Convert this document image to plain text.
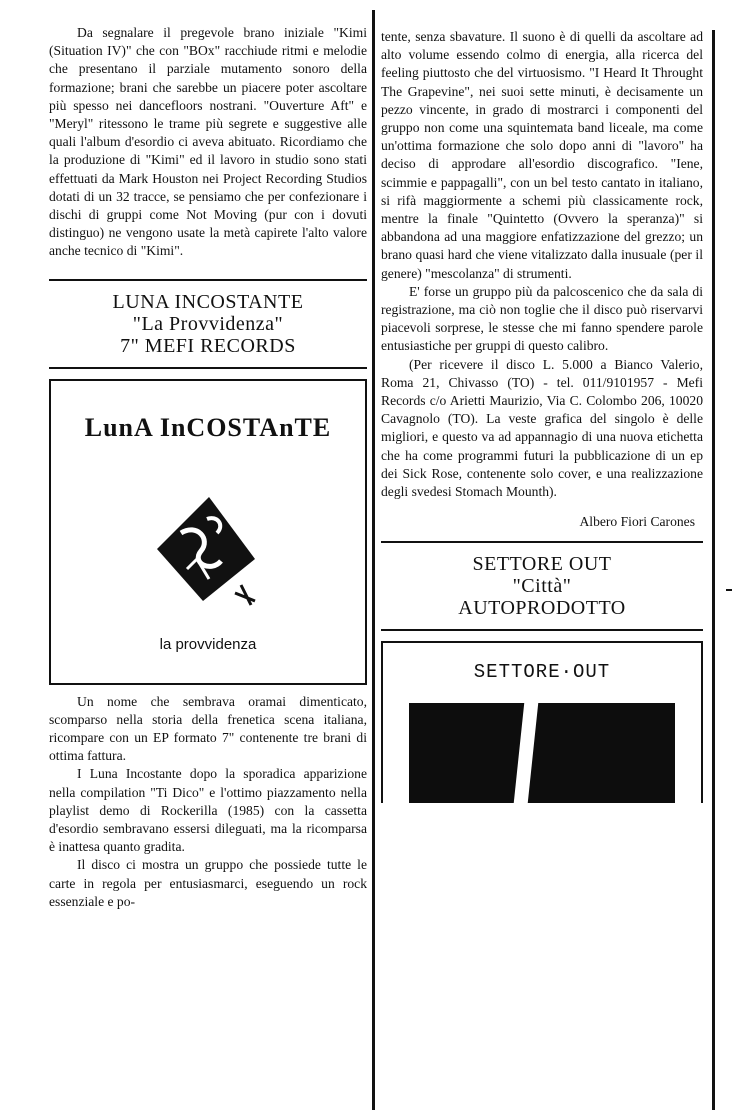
Da segnalare il pregevole brano iniziale "Kimi (Situation IV)" che con "BOx" racchiude ritmi e melodie che presentano il parziale mutamento sonoro della formazione; brani che sarebbe un piacere poter ascoltare più spesso nei dancefloors nostrani. "Ouverture Aft" e "Meryl" ritessono le trame più segrete e suggestive alle quali l'album d'esordio ci aveva abituato. Ricordiamo che la produzione di "Kimi" ed il lavoro in studio sono stati effettuati da Mark Houston nei Project Recording Studios dotati di un 32 tracce, se pensiamo che per confezionare i dischi di gruppi come Not Moving (pur con i dovuti distinguo) ne vengono usate la metà capirete l'alto valore anche tecnico di "Kimi".

LUNA INCOSTANTE
"La Provvidenza"
7" MEFI RECORDS
LunA InCOSTAnTE
la provvidenza

Un nome che sembrava oramai dimenticato, scomparso nella storia della frenetica scena italiana, ricompare con un EP formato 7" contenente tre brani di ottima fattura.

I Luna Incostante dopo la sporadica apparizione nella compilation "Ti Dico" e l'ottimo piazzamento nella playlist demo di Rockerilla (1985) con la cassetta d'esordio sembravano essersi dileguati, ma la ricomparsa è inattesa quanto gradita.

Il disco ci mostra un gruppo che possiede tutte le carte in regola per entusiasmarci, eseguendo un rock essenziale e po-

tente, senza sbavature. Il suono è di quelli da ascoltare ad alto volume essendo colmo di energia, alla ricerca del feeling piuttosto che del virtuosismo. "I Heard It Throught The Grapevine", nei suoi sette minuti, è decisamente un pezzo vincente, in grado di mostrarci i componenti del gruppo non come una squintemata band liceale, ma come un'ottima formazione che solo dopo anni di "lavoro" ha deciso di approdare all'esordio discografico. "Iene, scimmie e pappagalli", con un bel testo cantato in italiano, si rifà maggiormente a schemi più classicamente rock, mentre la finale "Quintetto (Ovvero la speranza)" si abbandona ad una maggiore enfatizzazione del grezzo; un brano quasi hard che viene vitalizzato dalla inusuale (per il genere) "mescolanza" di strumenti.

E' forse un gruppo più da palcoscenico che da sala di registrazione, ma ciò non toglie che il disco può riservarvi piacevoli sorprese, le stesse che mi fanno spendere parole entusiastiche per gruppi di questo calibro.

(Per ricevere il disco L. 5.000 a Bianco Valerio, Roma 21, Chivasso (TO) - tel. 011/9101957 - Mefi Records c/o Arietti Maurizio, Via C. Colombo 206, 10020 Cavagnolo (TO). La veste grafica del singolo è delle migliori, e questo va ad appannagio di una nuova etichetta che ha come programmi futuri la pubblicazione di un ep dei Sick Rose, contenente solo cover, e una realizzazione degli svedesi Stomach Mounth).

Albero Fiori Carones
SETTORE OUT
"Città"
AUTOPRODOTTO
SETTORE·OUT
